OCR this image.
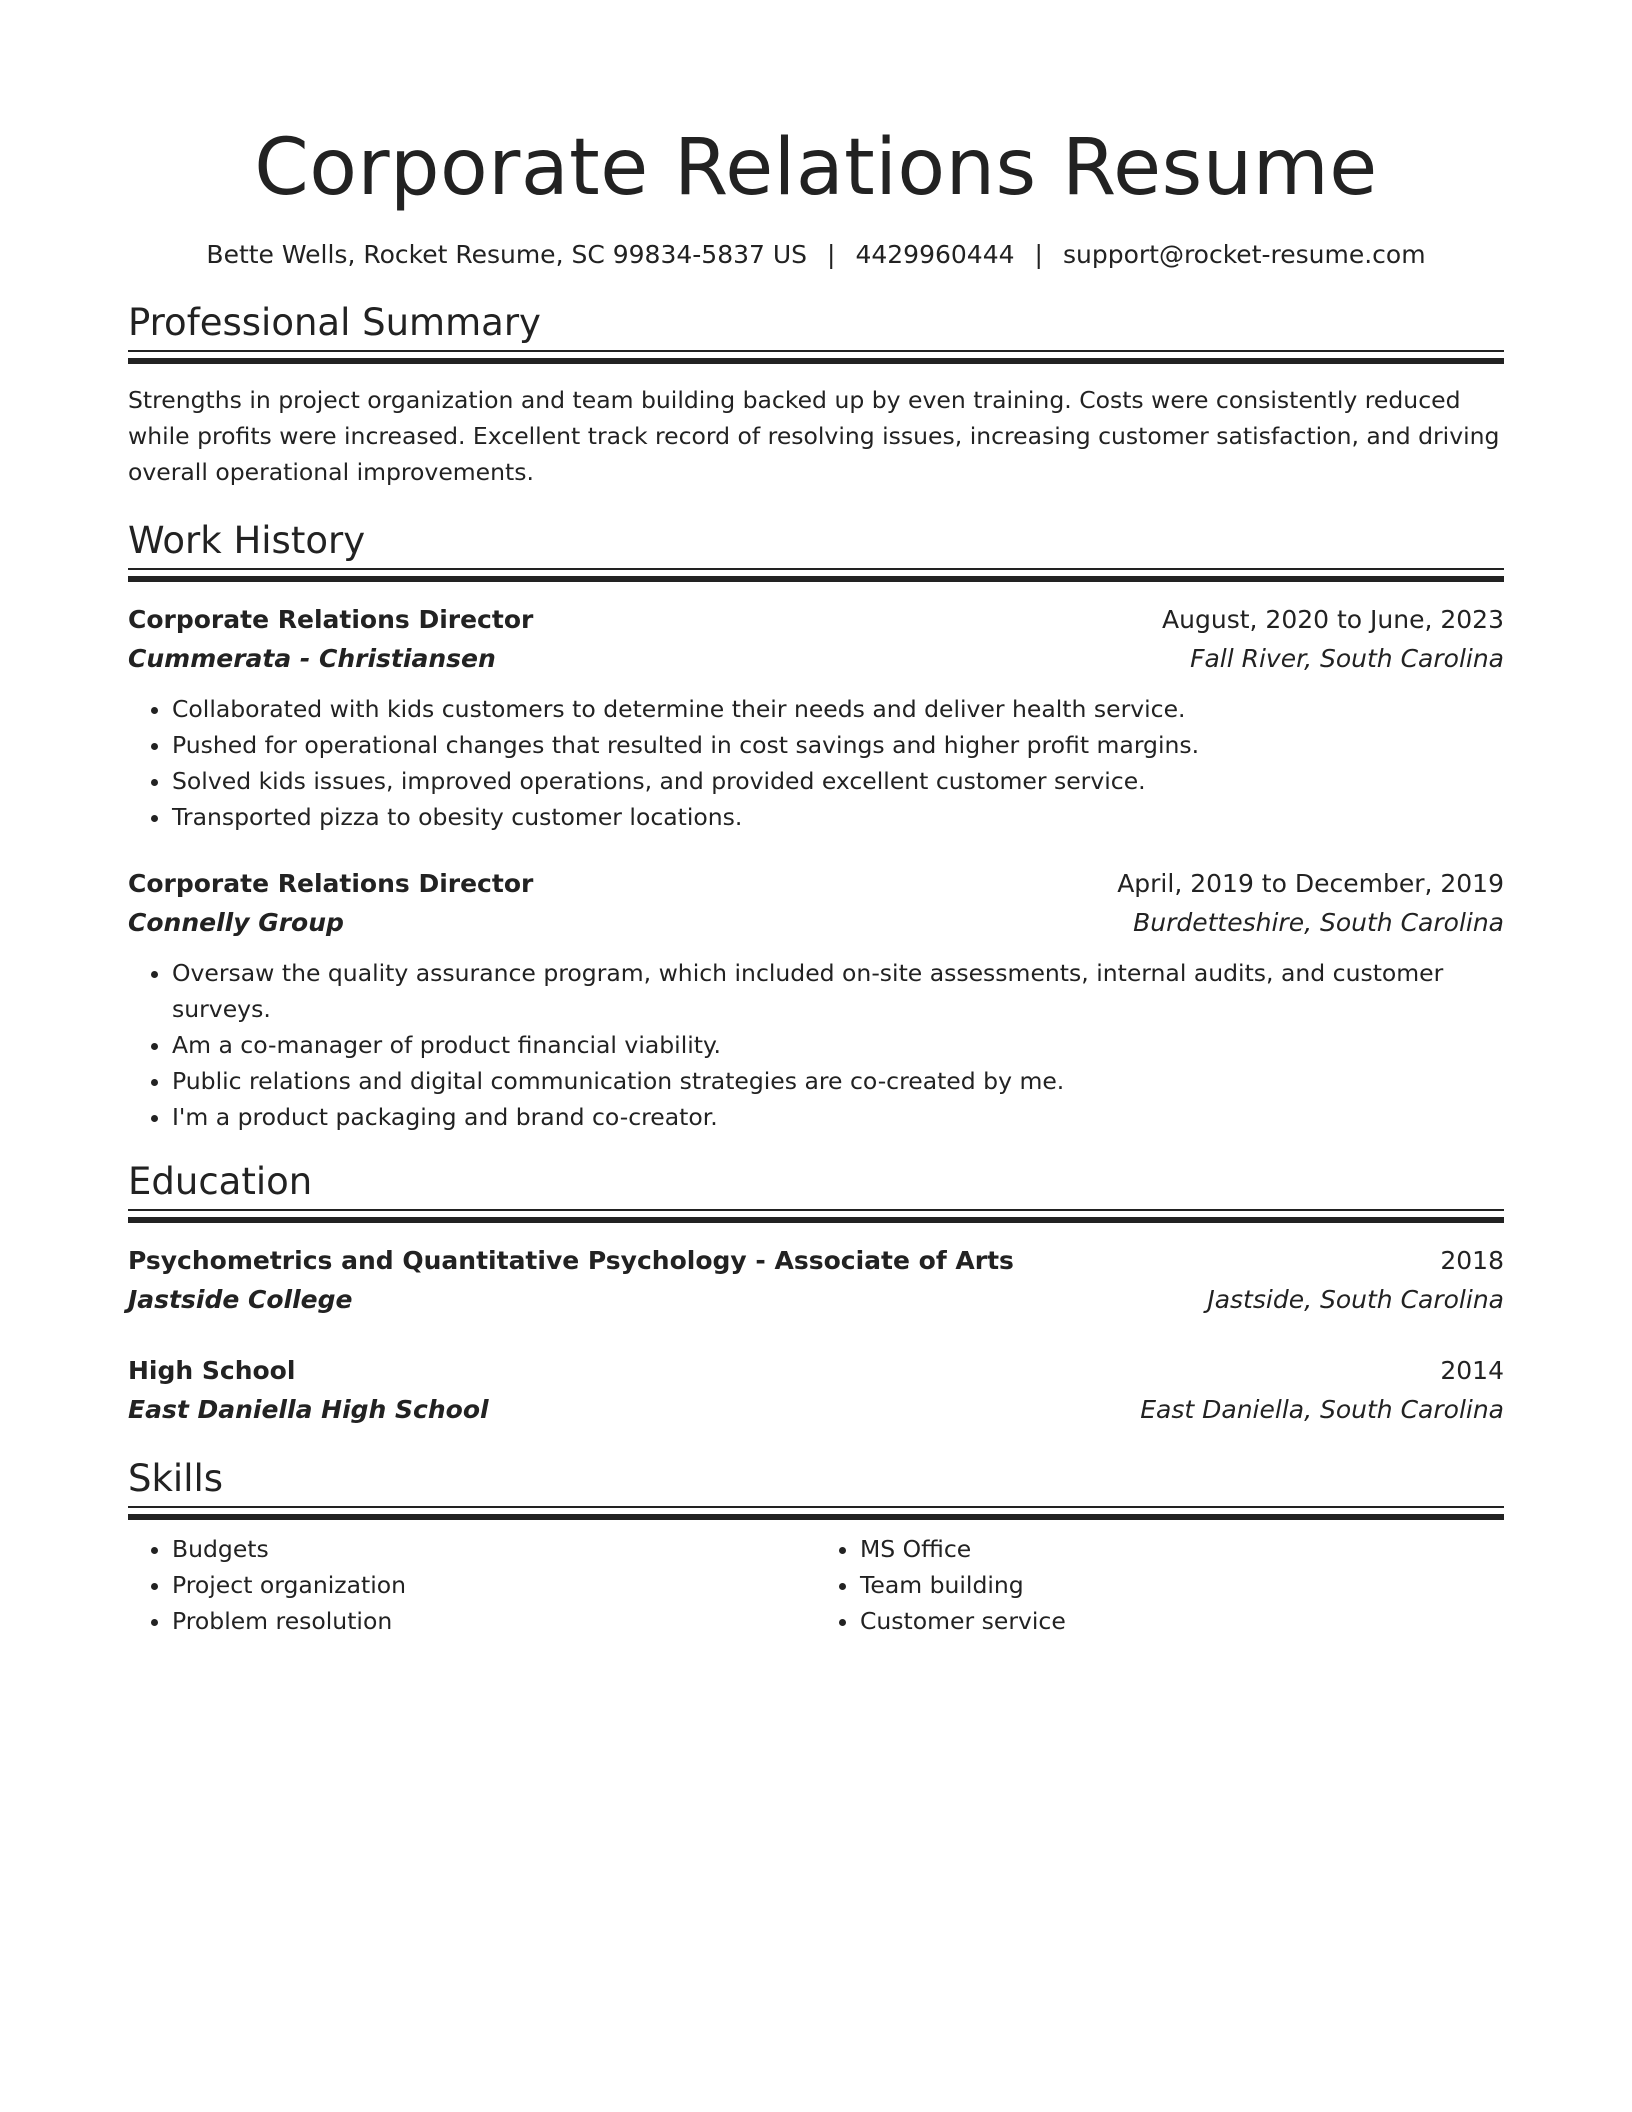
Corporate Relations Resume
Bette Wells, Rocket Resume, SC 99834-5837 US | 4429960444 | support@rocket-resume.com
Professional Summary

Strengths in project organization and team building backed up by even training. Costs were consistently reduced while profits were increased. Excellent track record of resolving issues, increasing customer satisfaction, and driving overall operational improvements.

Work History
Corporate Relations Director	August, 2020 to June, 2023
Cummerata - Christiansen	Fall River, South Carolina
• Collaborated with kids customers to determine their needs and deliver health service.
• Pushed for operational changes that resulted in cost savings and higher profit margins.
• Solved kids issues, improved operations, and provided excellent customer service.
• Transported pizza to obesity customer locations.
Corporate Relations Director	April, 2019 to December, 2019
Connelly Group	Burdetteshire, South Carolina
• Oversaw the quality assurance program, which included on-site assessments, internal audits, and customer surveys.
• Am a co-manager of product financial viability.
• Public relations and digital communication strategies are co-created by me.
• I'm a product packaging and brand co-creator.
Education
Psychometrics and Quantitative Psychology - Associate of Arts	2018
Jastside College	Jastside, South Carolina
High School	2014
East Daniella High School	East Daniella, South Carolina
Skills
• Budgets
• Project organization
• Problem resolution
• MS Office
• Team building
• Customer service
